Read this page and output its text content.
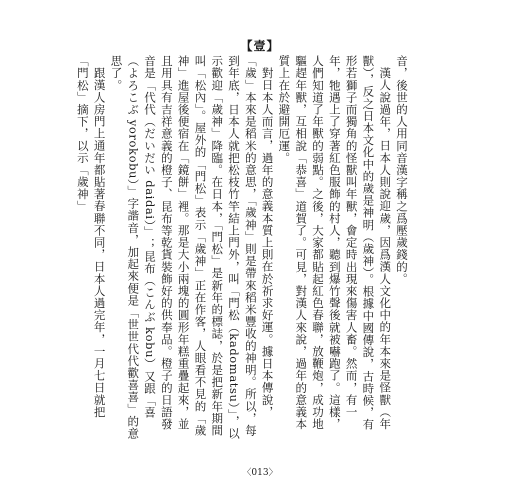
【壹】

音，後世的人用同音漢字稱之爲壓歲錢的。

漢人說過年，日本人則說迎歲，因爲漢人文化中的年本來是怪獸（年獸），反之日本文化中的歲是神明（歲神）。根據中國傳說，古時候，有形若獅子而獨角的怪獸叫年獸，會定時出現來傷害人畜。然而，有一年，牠遇上了穿著紅色服飾的村人，聽到爆竹聲後就被嚇跑了。這樣，人們知道了年獸的弱點。之後，大家都貼起紅色春聯，放鞭炮，成功地驅趕年獸，互相說「恭喜」道賀了。可見，對漢人來說，過年的意義本質上在於避開厄運。

對日本人而言，過年的意義本質上則在於祈求好運。據日本傳說，「歲」本來是稻米的意思，「歲神」則是帶來稻米豐收的神明。所以，每到年底，日本人就把松枝竹竿結上門外，叫「門松（kadomatsu）」，以示歡迎「歲神」降臨。在日本，「門松」是新年的標誌，於是把新年期間叫「松內」。屋外的「門松」表示「歲神」正在作客，人眼看不見的「歲神」進屋後便宿在「鏡餅」裡。那是大小兩塊的圓形年糕重疊起來，並且用具有吉祥意義的橙子、昆布等乾貨裝飾好的供奉品。橙子的日語發音是「代代（だいだい daidai）」；昆布（こんぶ kobu）又跟「喜（よろこぶ yorokobu）」字諧音，加起來便是「世世代代歡喜喜」的意思了。

跟漢人房門上通年都貼著春聯不同，日本人過完年，一月七日就把「門松」摘下，以示「歲神」

〈013〉
